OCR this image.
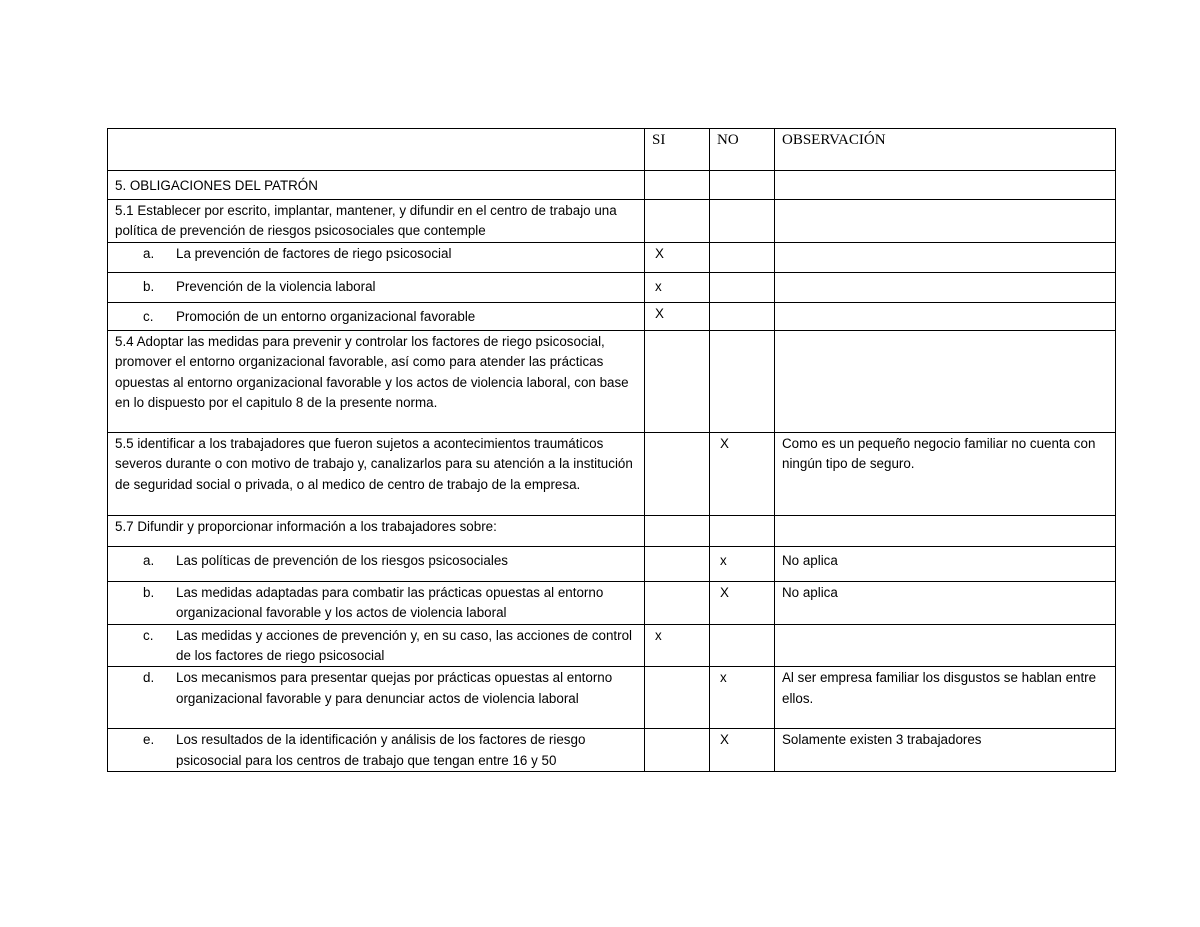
	SI	NO	OBSERVACIÓN
5. OBLIGACIONES DEL PATRÓN			
5.1 Establecer por escrito, implantar, mantener, y difundir en el centro de trabajo una política de prevención de riesgos psicosociales que contemple	

a. La prevención de factores de riego psicosocial	X		

b. Prevención de la violencia laboral	x		

c. Promoción de un entorno organizacional favorable	X		

5.4 Adoptar las medidas para prevenir y controlar los factores de riego psicosocial, promover el entorno organizacional favorable, así como para atender las prácticas opuestas al entorno organizacional favorable y los actos de violencia laboral, con base en lo dispuesto por el capitulo 8 de la presente norma.	

5.5 identificar a los trabajadores que fueron sujetos a acontecimientos traumáticos severos durante o con motivo de trabajo y, canalizarlos para su atención a la institución de seguridad social o privada, o al medico de centro de trabajo de la empresa.		X	Como es un pequeño negocio familiar no cuenta con ningún tipo de seguro.
5.7 Difundir y proporcionar información a los trabajadores sobre:	

a. Las políticas de prevención de los riesgos psicosociales		x	No aplica

b. Las medidas adaptadas para combatir las prácticas opuestas al entorno organizacional favorable y los actos de violencia laboral		X	No aplica

c. Las medidas y acciones de prevención y, en su caso, las acciones de control de los factores de riego psicosocial	x		

d. Los mecanismos para presentar quejas por prácticas opuestas al entorno organizacional favorable y para denunciar actos de violencia laboral		x	Al ser empresa familiar los disgustos se hablan entre ellos.

e. Los resultados de la identificación y análisis de los factores de riesgo psicosocial para los centros de trabajo que tengan entre 16 y 50		X	Solamente existen 3 trabajadores
